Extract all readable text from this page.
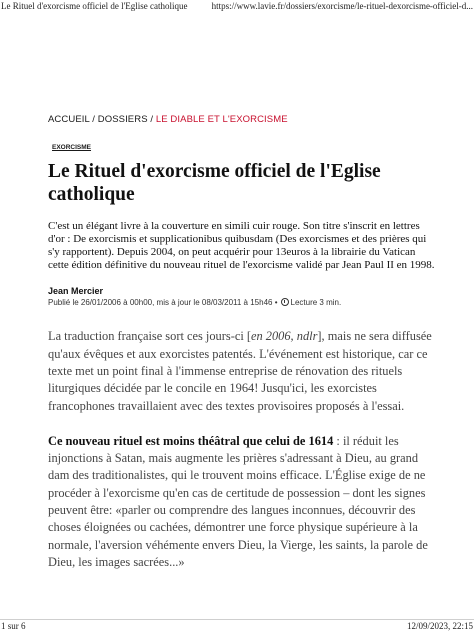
Le Rituel d'exorcisme officiel de l'Eglise catholique	https://www.lavie.fr/dossiers/exorcisme/le-rituel-dexorcisme-officiel-d...
ACCUEIL / DOSSIERS / LE DIABLE ET L'EXORCISME
EXORCISME
Le Rituel d'exorcisme officiel de l'Eglise catholique
C'est un élégant livre à la couverture en simili cuir rouge. Son titre s'inscrit en lettres d'or : De exorcismis et supplicationibus quibusdam (Des exorcismes et des prières qui s'y rapportent). Depuis 2004, on peut acquérir pour 13euros à la librairie du Vatican cette édition définitive du nouveau rituel de l'exorcisme validé par Jean Paul II en 1998.
Jean Mercier
Publié le 26/01/2006 à 00h00, mis à jour le 08/03/2011 à 15h46 • Lecture 3 min.

La traduction française sort ces jours-ci [en 2006, ndlr], mais ne sera diffusée qu'aux évêques et aux exorcistes patentés. L'événement est historique, car ce texte met un point final à l'immense entreprise de rénovation des rituels liturgiques décidée par le concile en 1964! Jusqu'ici, les exorcistes francophones travaillaient avec des textes provisoires proposés à l'essai.

Ce nouveau rituel est moins théâtral que celui de 1614 : il réduit les injonctions à Satan, mais augmente les prières s'adressant à Dieu, au grand dam des traditionalistes, qui le trouvent moins efficace. L'Église exige de ne procéder à l'exorcisme qu'en cas de certitude de possession – dont les signes peuvent être: «parler ou comprendre des langues inconnues, découvrir des choses éloignées ou cachées, démontrer une force physique supérieure à la normale, l'aversion véhémente envers Dieu, la Vierge, les saints, la parole de Dieu, les images sacrées...»

1 sur 6	12/09/2023, 22:15
